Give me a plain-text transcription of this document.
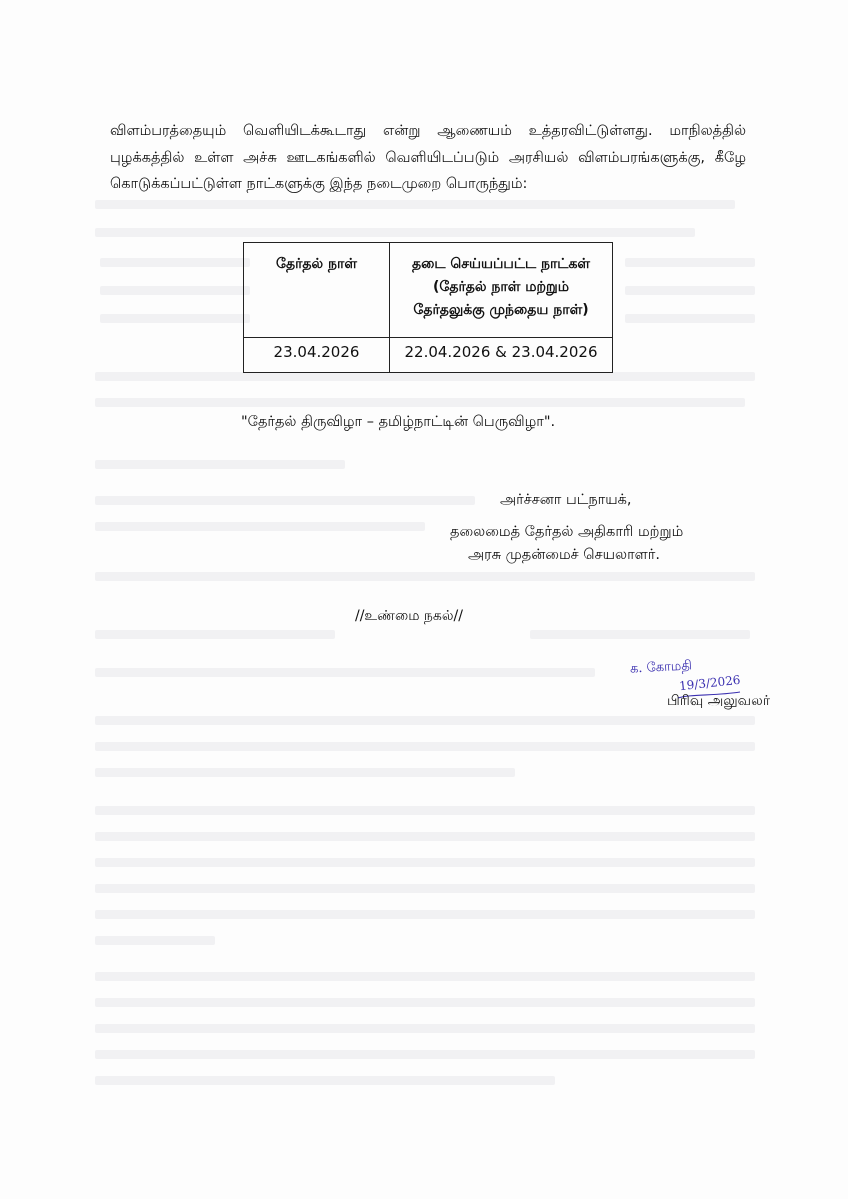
விளம்பரத்தையும் வெளியிடக்கூடாது என்று ஆணையம் உத்தரவிட்டுள்ளது. மாநிலத்தில் புழக்கத்தில் உள்ள அச்சு ஊடகங்களில் வெளியிடப்படும் அரசியல் விளம்பரங்களுக்கு, கீழே கொடுக்கப்பட்டுள்ள நாட்களுக்கு இந்த நடைமுறை பொருந்தும்:

தேர்தல் நாள்	தடை செய்யப்பட்ட நாட்கள்
(தேர்தல் நாள் மற்றும்
தேர்தலுக்கு முந்தைய நாள்)
23.04.2026	22.04.2026 & 23.04.2026
"தேர்தல் திருவிழா – தமிழ்நாட்டின் பெருவிழா".
அர்ச்சனா பட்நாயக்,
தலைமைத் தேர்தல் அதிகாரி மற்றும்
அரசு முதன்மைச் செயலாளர்.
//உண்மை நகல்//
க. கோமதி
19/3/2026
பிரிவு அலுவலர்
